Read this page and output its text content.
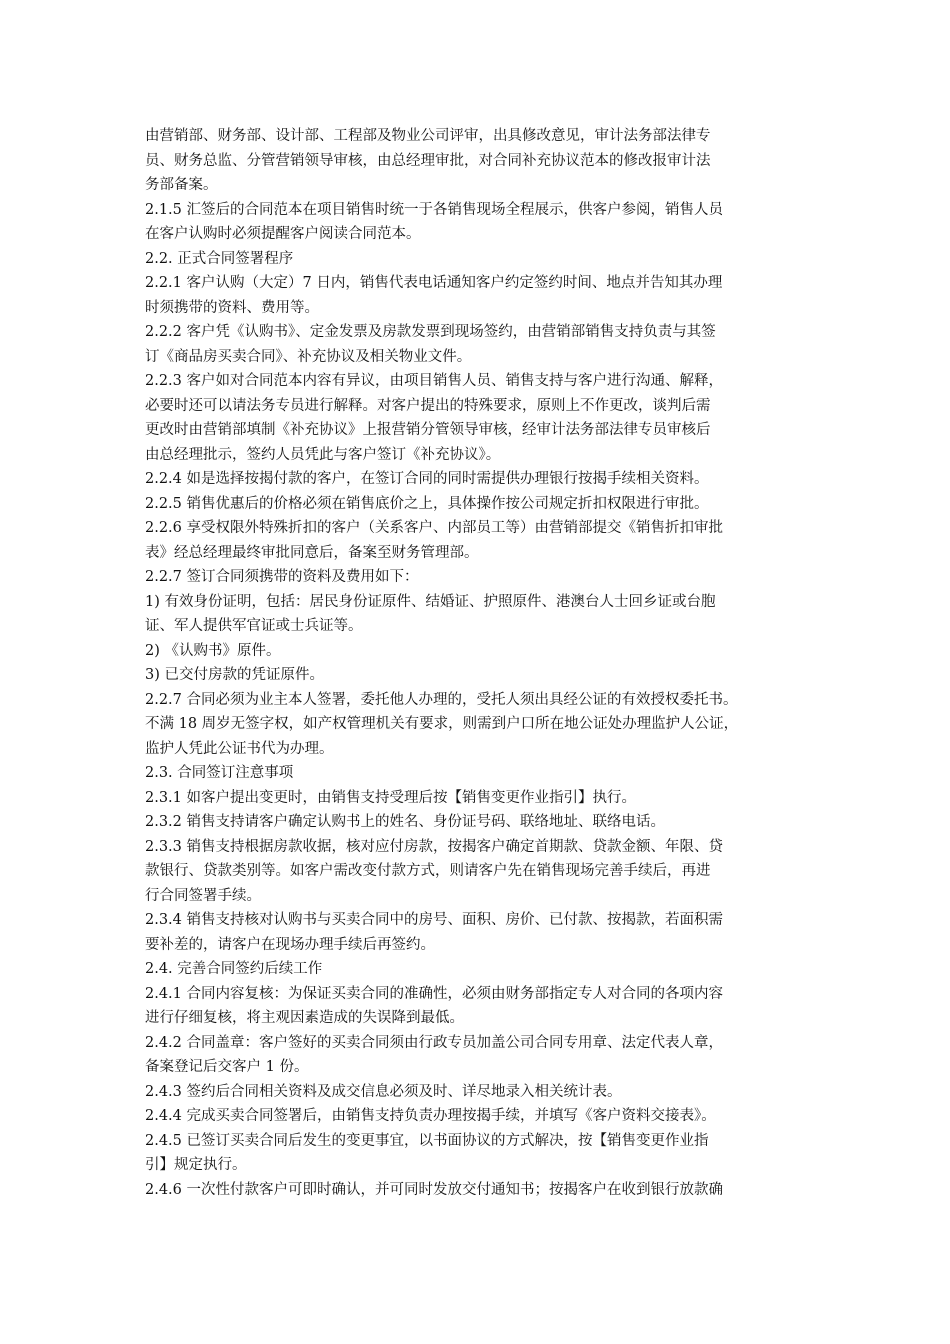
由营销部、财务部、设计部、工程部及物业公司评审，出具修改意见，审计法务部法律专
员、财务总监、分管营销领导审核，由总经理审批，对合同补充协议范本的修改报审计法
务部备案。

2.1.5 汇签后的合同范本在项目销售时统一于各销售现场全程展示，供客户参阅，销售人员
在客户认购时必须提醒客户阅读合同范本。

2.2. 正式合同签署程序

2.2.1 客户认购（大定）7 日内，销售代表电话通知客户约定签约时间、地点并告知其办理
时须携带的资料、费用等。

2.2.2 客户凭《认购书》、定金发票及房款发票到现场签约，由营销部销售支持负责与其签
订《商品房买卖合同》、补充协议及相关物业文件。

2.2.3 客户如对合同范本内容有异议，由项目销售人员、销售支持与客户进行沟通、解释，
必要时还可以请法务专员进行解释。对客户提出的特殊要求，原则上不作更改，谈判后需
更改时由营销部填制《补充协议》上报营销分管领导审核，经审计法务部法律专员审核后
由总经理批示，签约人员凭此与客户签订《补充协议》。

2.2.4 如是选择按揭付款的客户，在签订合同的同时需提供办理银行按揭手续相关资料。

2.2.5 销售优惠后的价格必须在销售底价之上，具体操作按公司规定折扣权限进行审批。

2.2.6 享受权限外特殊折扣的客户（关系客户、内部员工等）由营销部提交《销售折扣审批
表》经总经理最终审批同意后，备案至财务管理部。

2.2.7 签订合同须携带的资料及费用如下：

1) 有效身份证明，包括：居民身份证原件、结婚证、护照原件、港澳台人士回乡证或台胞
证、军人提供军官证或士兵证等。

2) 《认购书》原件。

3) 已交付房款的凭证原件。

2.2.7 合同必须为业主本人签署，委托他人办理的，受托人须出具经公证的有效授权委托书。
不满 18 周岁无签字权，如产权管理机关有要求，则需到户口所在地公证处办理监护人公证，
监护人凭此公证书代为办理。

2.3. 合同签订注意事项

2.3.1 如客户提出变更时，由销售支持受理后按【销售变更作业指引】执行。

2.3.2 销售支持请客户确定认购书上的姓名、身份证号码、联络地址、联络电话。

2.3.3 销售支持根据房款收据，核对应付房款，按揭客户确定首期款、贷款金额、年限、贷
款银行、贷款类别等。如客户需改变付款方式，则请客户先在销售现场完善手续后，再进
行合同签署手续。

2.3.4 销售支持核对认购书与买卖合同中的房号、面积、房价、已付款、按揭款，若面积需
要补差的，请客户在现场办理手续后再签约。

2.4. 完善合同签约后续工作

2.4.1 合同内容复核：为保证买卖合同的准确性，必须由财务部指定专人对合同的各项内容
进行仔细复核，将主观因素造成的失误降到最低。

2.4.2 合同盖章：客户签好的买卖合同须由行政专员加盖公司合同专用章、法定代表人章，
备案登记后交客户 1 份。

2.4.3 签约后合同相关资料及成交信息必须及时、详尽地录入相关统计表。

2.4.4 完成买卖合同签署后，由销售支持负责办理按揭手续，并填写《客户资料交接表》。

2.4.5 已签订买卖合同后发生的变更事宜，以书面协议的方式解决，按【销售变更作业指
引】规定执行。

2.4.6 一次性付款客户可即时确认，并可同时发放交付通知书；按揭客户在收到银行放款确
